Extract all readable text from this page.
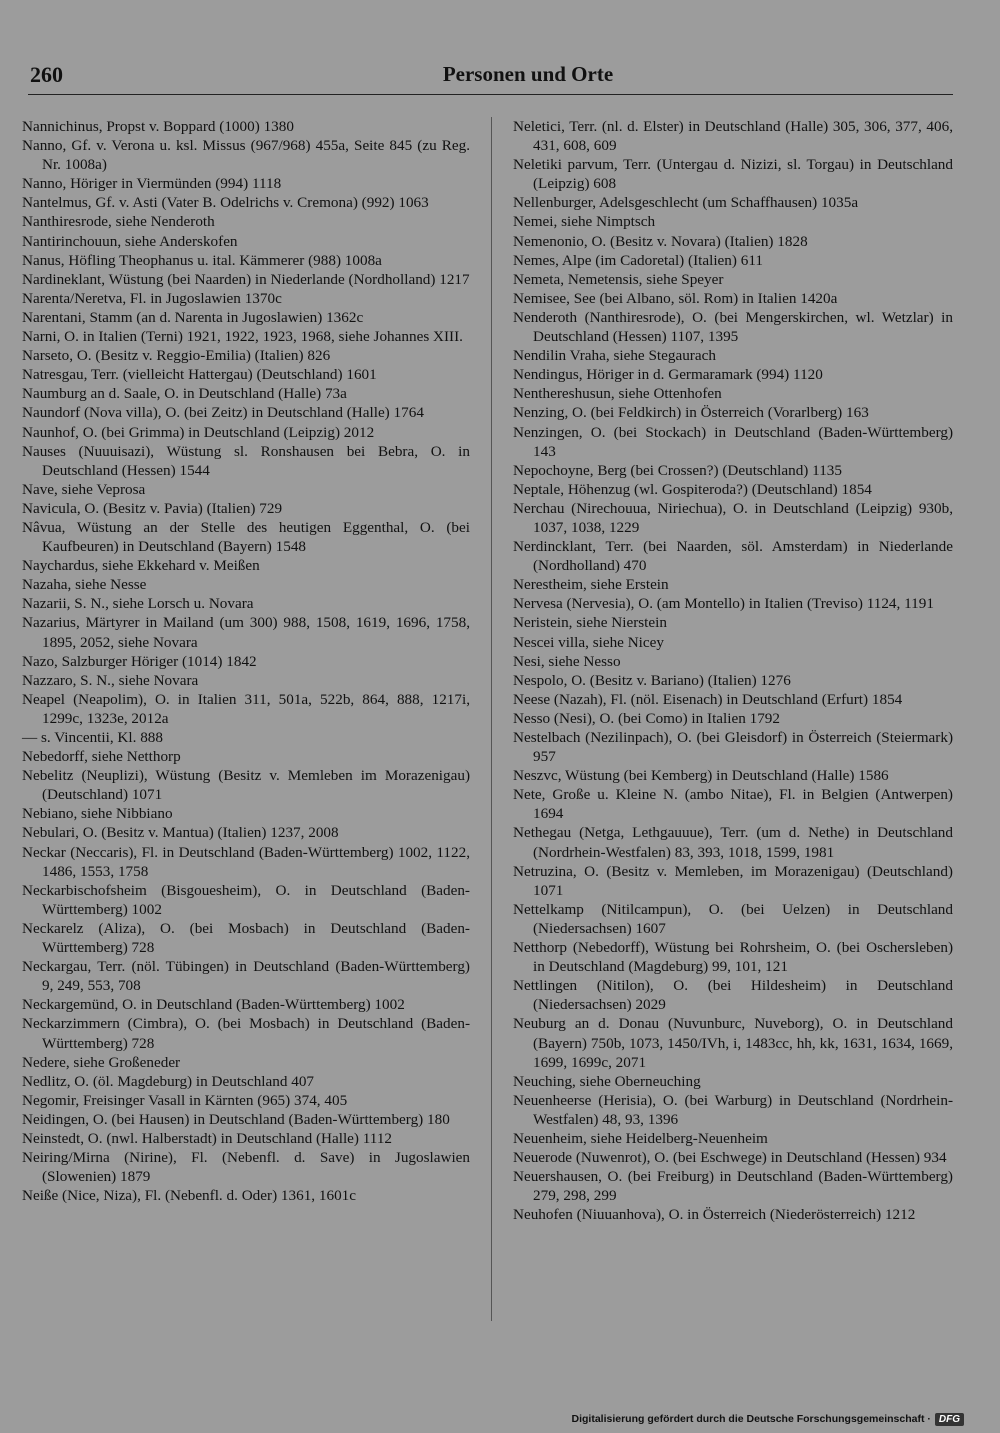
260	Personen und Orte
Nannichinus, Propst v. Boppard (1000) 1380
Nanno, Gf. v. Verona u. ksl. Missus (967/968) 455a, Seite 845 (zu Reg. Nr. 1008a)
Nanno, Höriger in Viermünden (994) 1118
Nantelmus, Gf. v. Asti (Vater B. Odelrichs v. Cremona) (992) 1063
Nanthiresrode, siehe Nenderoth
Nantirinchouun, siehe Anderskofen
Nanus, Höfling Theophanus u. ital. Kämmerer (988) 1008a
Nardineklant, Wüstung (bei Naarden) in Niederlande (Nordholland) 1217
Narenta/Neretva, Fl. in Jugoslawien 1370c
Narentani, Stamm (an d. Narenta in Jugoslawien) 1362c
Narni, O. in Italien (Terni) 1921, 1922, 1923, 1968, siehe Johannes XIII.
Narseto, O. (Besitz v. Reggio-Emilia) (Italien) 826
Natresgau, Terr. (vielleicht Hattergau) (Deutschland) 1601
Naumburg an d. Saale, O. in Deutschland (Halle) 73a
Naundorf (Nova villa), O. (bei Zeitz) in Deutschland (Halle) 1764
Naunhof, O. (bei Grimma) in Deutschland (Leipzig) 2012
Nauses (Nuuuisazi), Wüstung sl. Ronshausen bei Bebra, O. in Deutschland (Hessen) 1544
Nave, siehe Veprosa
Navicula, O. (Besitz v. Pavia) (Italien) 729
Nâvua, Wüstung an der Stelle des heutigen Eggenthal, O. (bei Kaufbeuren) in Deutschland (Bayern) 1548
Naychardus, siehe Ekkehard v. Meißen
Nazaha, siehe Nesse
Nazarii, S. N., siehe Lorsch u. Novara
Nazarius, Märtyrer in Mailand (um 300) 988, 1508, 1619, 1696, 1758, 1895, 2052, siehe Novara
Nazo, Salzburger Höriger (1014) 1842
Nazzaro, S. N., siehe Novara
Neapel (Neapolim), O. in Italien 311, 501a, 522b, 864, 888, 1217i, 1299c, 1323e, 2012a
— s. Vincentii, Kl. 888
Nebedorff, siehe Netthorp
Nebelitz (Neuplizi), Wüstung (Besitz v. Memleben im Morazenigau) (Deutschland) 1071
Nebiano, siehe Nibbiano
Nebulari, O. (Besitz v. Mantua) (Italien) 1237, 2008
Neckar (Neccaris), Fl. in Deutschland (Baden-Württemberg) 1002, 1122, 1486, 1553, 1758
Neckarbischofsheim (Bisgouesheim), O. in Deutschland (Baden-Württemberg) 1002
Neckarelz (Aliza), O. (bei Mosbach) in Deutschland (Baden-Württemberg) 728
Neckargau, Terr. (nöl. Tübingen) in Deutschland (Baden-Württemberg) 9, 249, 553, 708
Neckargemünd, O. in Deutschland (Baden-Württemberg) 1002
Neckarzimmern (Cimbra), O. (bei Mosbach) in Deutschland (Baden-Württemberg) 728
Nedere, siehe Großeneder
Nedlitz, O. (öl. Magdeburg) in Deutschland 407
Negomir, Freisinger Vasall in Kärnten (965) 374, 405
Neidingen, O. (bei Hausen) in Deutschland (Baden-Württemberg) 180
Neinstedt, O. (nwl. Halberstadt) in Deutschland (Halle) 1112
Neiring/Mirna (Nirine), Fl. (Nebenfl. d. Save) in Jugoslawien (Slowenien) 1879
Neiße (Nice, Niza), Fl. (Nebenfl. d. Oder) 1361, 1601c
Neletici, Terr. (nl. d. Elster) in Deutschland (Halle) 305, 306, 377, 406, 431, 608, 609
Neletiki parvum, Terr. (Untergau d. Nizizi, sl. Torgau) in Deutschland (Leipzig) 608
Nellenburger, Adelsgeschlecht (um Schaffhausen) 1035a
Nemei, siehe Nimptsch
Nemenonio, O. (Besitz v. Novara) (Italien) 1828
Nemes, Alpe (im Cadoretal) (Italien) 611
Nemeta, Nemetensis, siehe Speyer
Nemisee, See (bei Albano, söl. Rom) in Italien 1420a
Nenderoth (Nanthiresrode), O. (bei Mengerskirchen, wl. Wetzlar) in Deutschland (Hessen) 1107, 1395
Nendilin Vraha, siehe Stegaurach
Nendingus, Höriger in d. Germaramark (994) 1120
Nenthereshusun, siehe Ottenhofen
Nenzing, O. (bei Feldkirch) in Österreich (Vorarlberg) 163
Nenzingen, O. (bei Stockach) in Deutschland (Baden-Württemberg) 143
Nepochoyne, Berg (bei Crossen?) (Deutschland) 1135
Neptale, Höhenzug (wl. Gospiteroda?) (Deutschland) 1854
Nerchau (Nirechouua, Niriechua), O. in Deutschland (Leipzig) 930b, 1037, 1038, 1229
Nerdincklant, Terr. (bei Naarden, söl. Amsterdam) in Niederlande (Nordholland) 470
Nerestheim, siehe Erstein
Nervesa (Nervesia), O. (am Montello) in Italien (Treviso) 1124, 1191
Neristein, siehe Nierstein
Nescei villa, siehe Nicey
Nesi, siehe Nesso
Nespolo, O. (Besitz v. Bariano) (Italien) 1276
Neese (Nazah), Fl. (nöl. Eisenach) in Deutschland (Erfurt) 1854
Nesso (Nesi), O. (bei Como) in Italien 1792
Nestelbach (Nezilinpach), O. (bei Gleisdorf) in Österreich (Steiermark) 957
Neszvc, Wüstung (bei Kemberg) in Deutschland (Halle) 1586
Nete, Große u. Kleine N. (ambo Nitae), Fl. in Belgien (Antwerpen) 1694
Nethegau (Netga, Lethgauuue), Terr. (um d. Nethe) in Deutschland (Nordrhein-Westfalen) 83, 393, 1018, 1599, 1981
Netruzina, O. (Besitz v. Memleben, im Morazenigau) (Deutschland) 1071
Nettelkamp (Nitilcampun), O. (bei Uelzen) in Deutschland (Niedersachsen) 1607
Netthorp (Nebedorff), Wüstung bei Rohrsheim, O. (bei Oschersleben) in Deutschland (Magdeburg) 99, 101, 121
Nettlingen (Nitilon), O. (bei Hildesheim) in Deutschland (Niedersachsen) 2029
Neuburg an d. Donau (Nuvunburc, Nuveborg), O. in Deutschland (Bayern) 750b, 1073, 1450/IVh, i, 1483cc, hh, kk, 1631, 1634, 1669, 1699, 1699c, 2071
Neuching, siehe Oberneuching
Neuenheerse (Herisia), O. (bei Warburg) in Deutschland (Nordrhein-Westfalen) 48, 93, 1396
Neuenheim, siehe Heidelberg-Neuenheim
Neuerode (Nuwenrot), O. (bei Eschwege) in Deutschland (Hessen) 934
Neuershausen, O. (bei Freiburg) in Deutschland (Baden-Württemberg) 279, 298, 299
Neuhofen (Niuuanhova), O. in Österreich (Niederösterreich) 1212
Digitalisierung gefördert durch die Deutsche Forschungsgemeinschaft · DFG
